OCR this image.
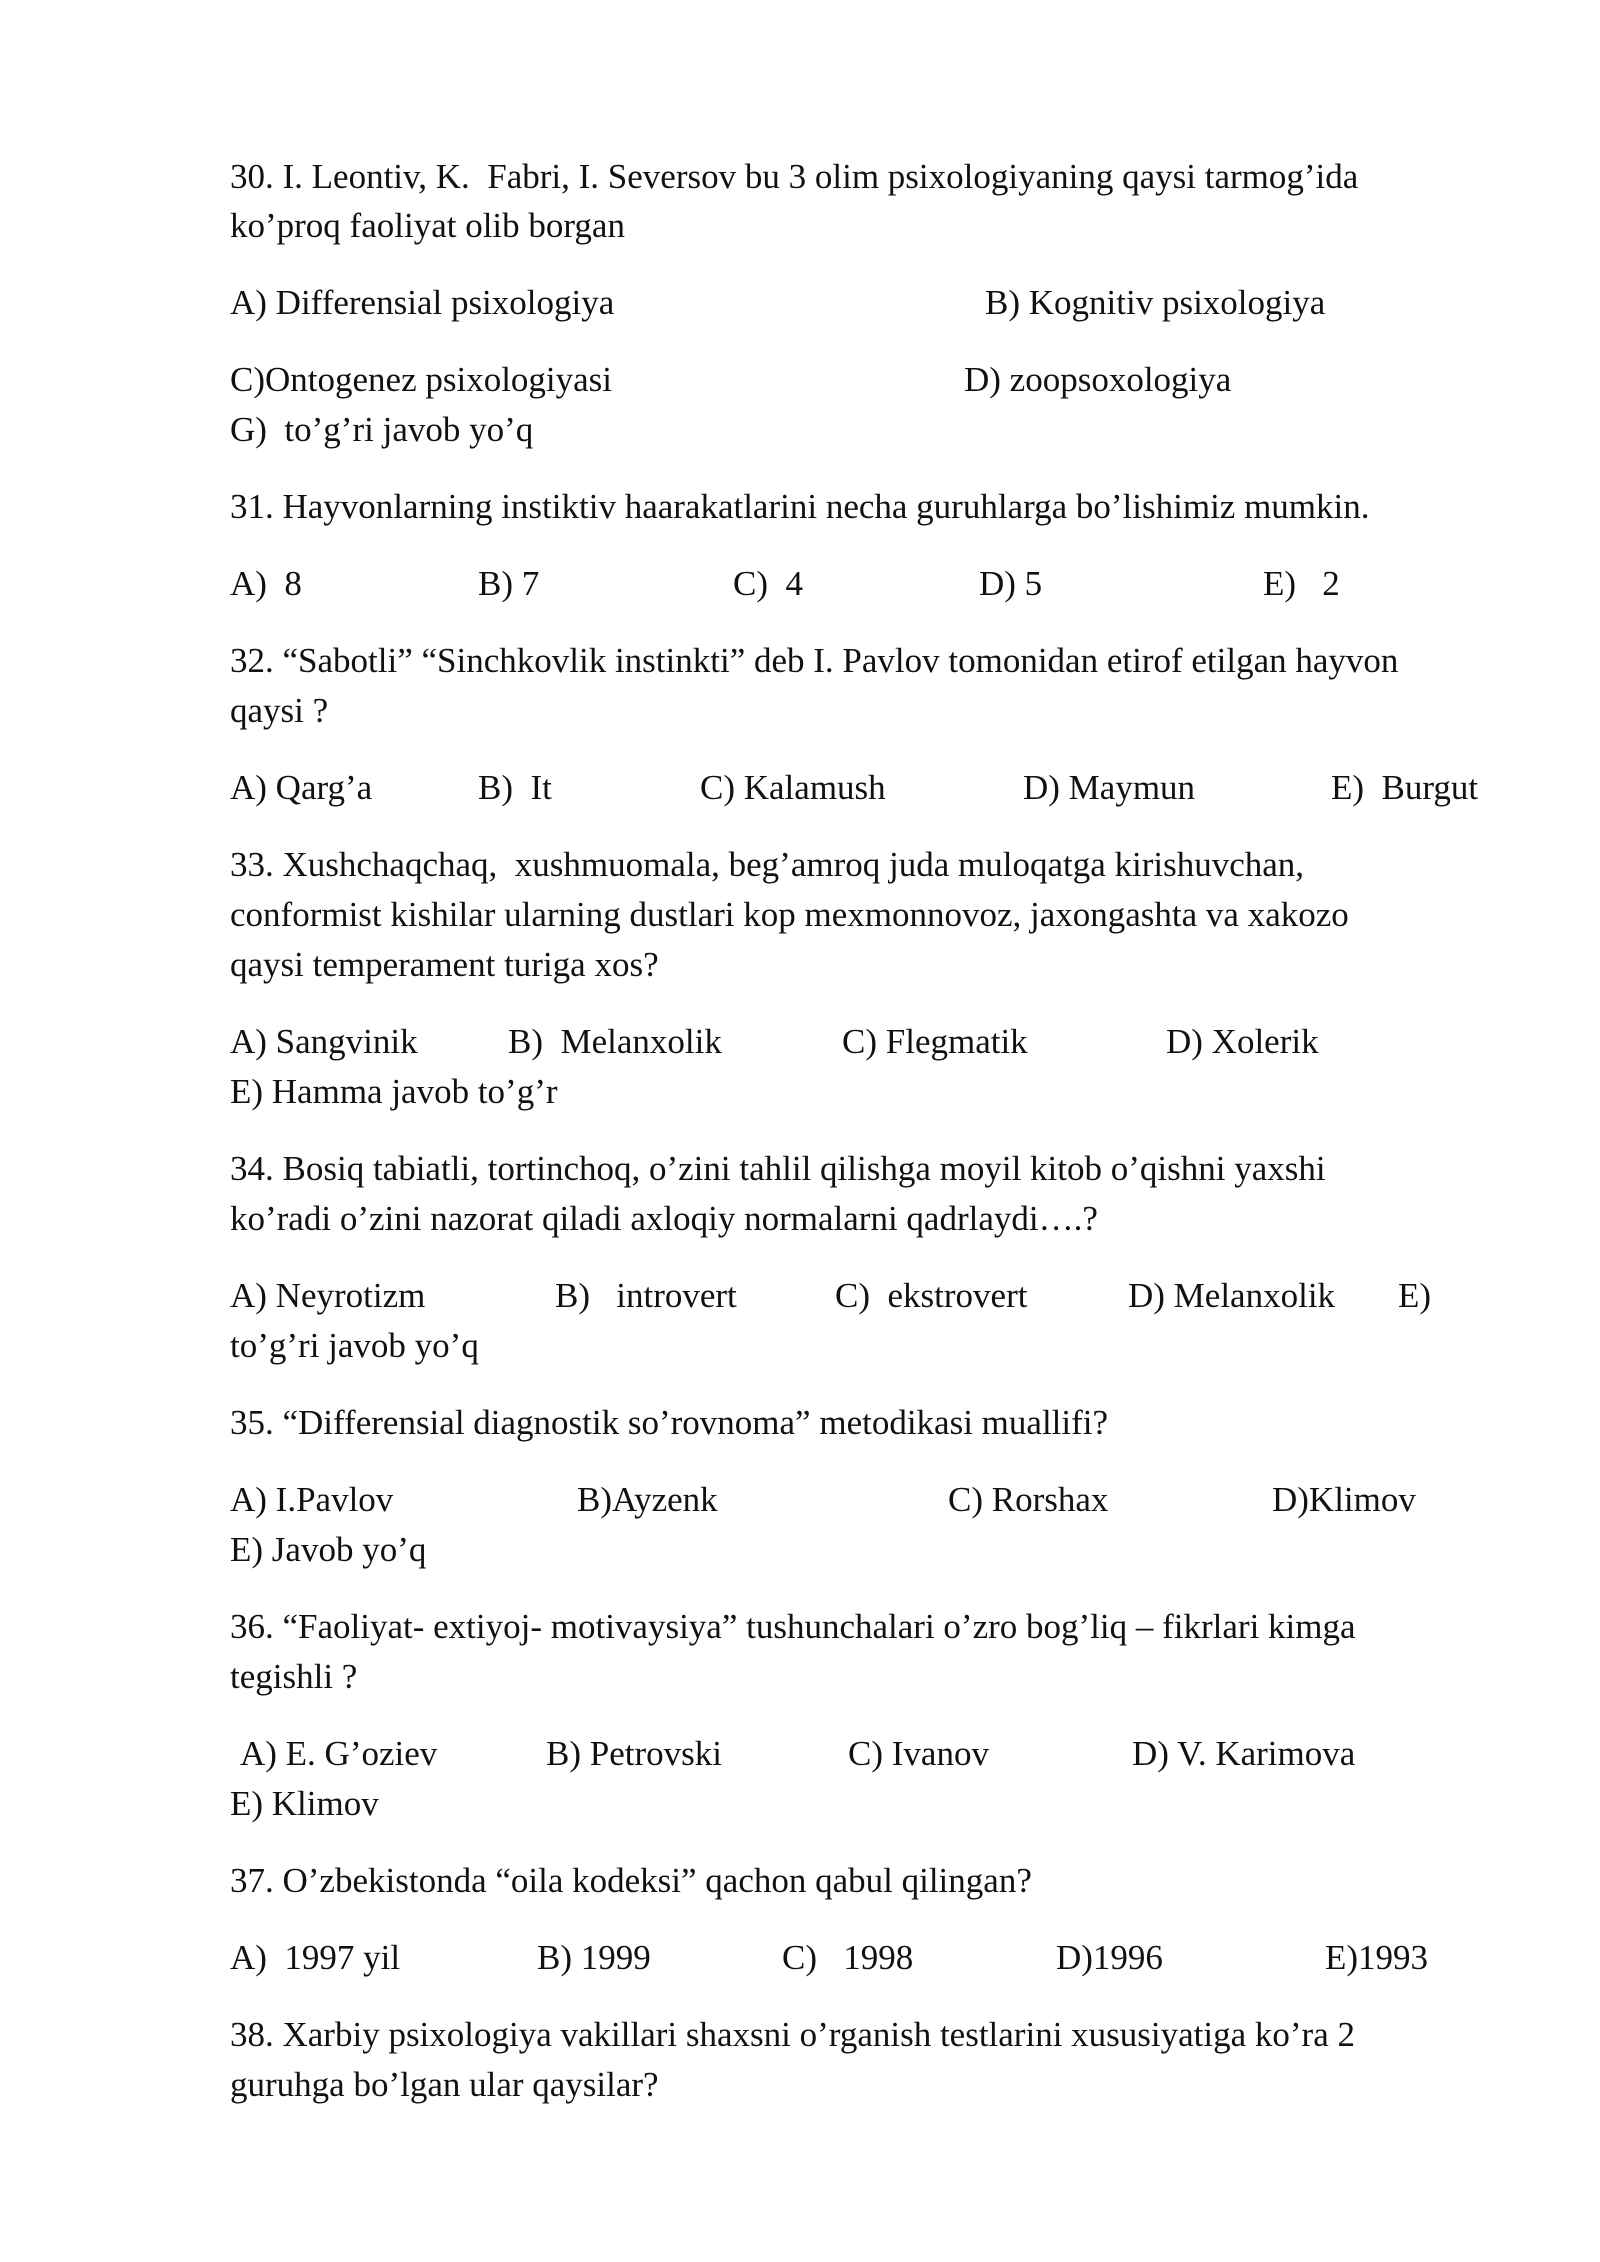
30. I. Leontiv, K.  Fabri, I. Seversov bu 3 olim psixologiyaning qaysi tarmog’ida
ko’proq faoliyat olib borgan
A) Differensial psixologiya	B) Kognitiv psixologiya
C)Ontogenez psixologiyasi	D) zoopsoxologiya
G)  to’g’ri javob yo’q
31. Hayvonlarning instiktiv haarakatlarini necha guruhlarga bo’lishimiz mumkin.
A)  8	B) 7	C)  4	D) 5	E)   2
32. “Sabotli” “Sinchkovlik instinkti” deb I. Pavlov tomonidan etirof etilgan hayvon
qaysi ?
A) Qarg’a	B)  It	C) Kalamush	D) Maymun	E)  Burgut
33. Xushchaqchaq,  xushmuomala, beg’amroq juda muloqatga kirishuvchan,
conformist kishilar ularning dustlari kop mexmonnovoz, jaxongashta va xakozo
qaysi temperament turiga xos?
A) Sangvinik	B)  Melanxolik	C) Flegmatik	D) Xolerik
E) Hamma javob to’g’r
34. Bosiq tabiatli, tortinchoq, o’zini tahlil qilishga moyil kitob o’qishni yaxshi
ko’radi o’zini nazorat qiladi axloqiy normalarni qadrlaydi….?
A) Neyrotizm	B)   introvert	C)  ekstrovert	D) Melanxolik E)
to’g’ri javob yo’q
35. “Differensial diagnostik so’rovnoma” metodikasi muallifi?
A) I.Pavlov	B)Ayzenk	C) Rorshax	D)Klimov
E) Javob yo’q
36. “Faoliyat- extiyoj- motivaysiya” tushunchalari o’zro bog’liq – fikrlari kimga
tegishli ?
A) E. G’oziev	B) Petrovski	C) Ivanov	D) V. Karimova
E) Klimov
37. O’zbekistonda “oila kodeksi” qachon qabul qilingan?
A)  1997 yil	B) 1999	C)   1998	D)1996	E)1993
38. Xarbiy psixologiya vakillari shaxsni o’rganish testlarini xususiyatiga ko’ra 2
guruhga bo’lgan ular qaysilar?
